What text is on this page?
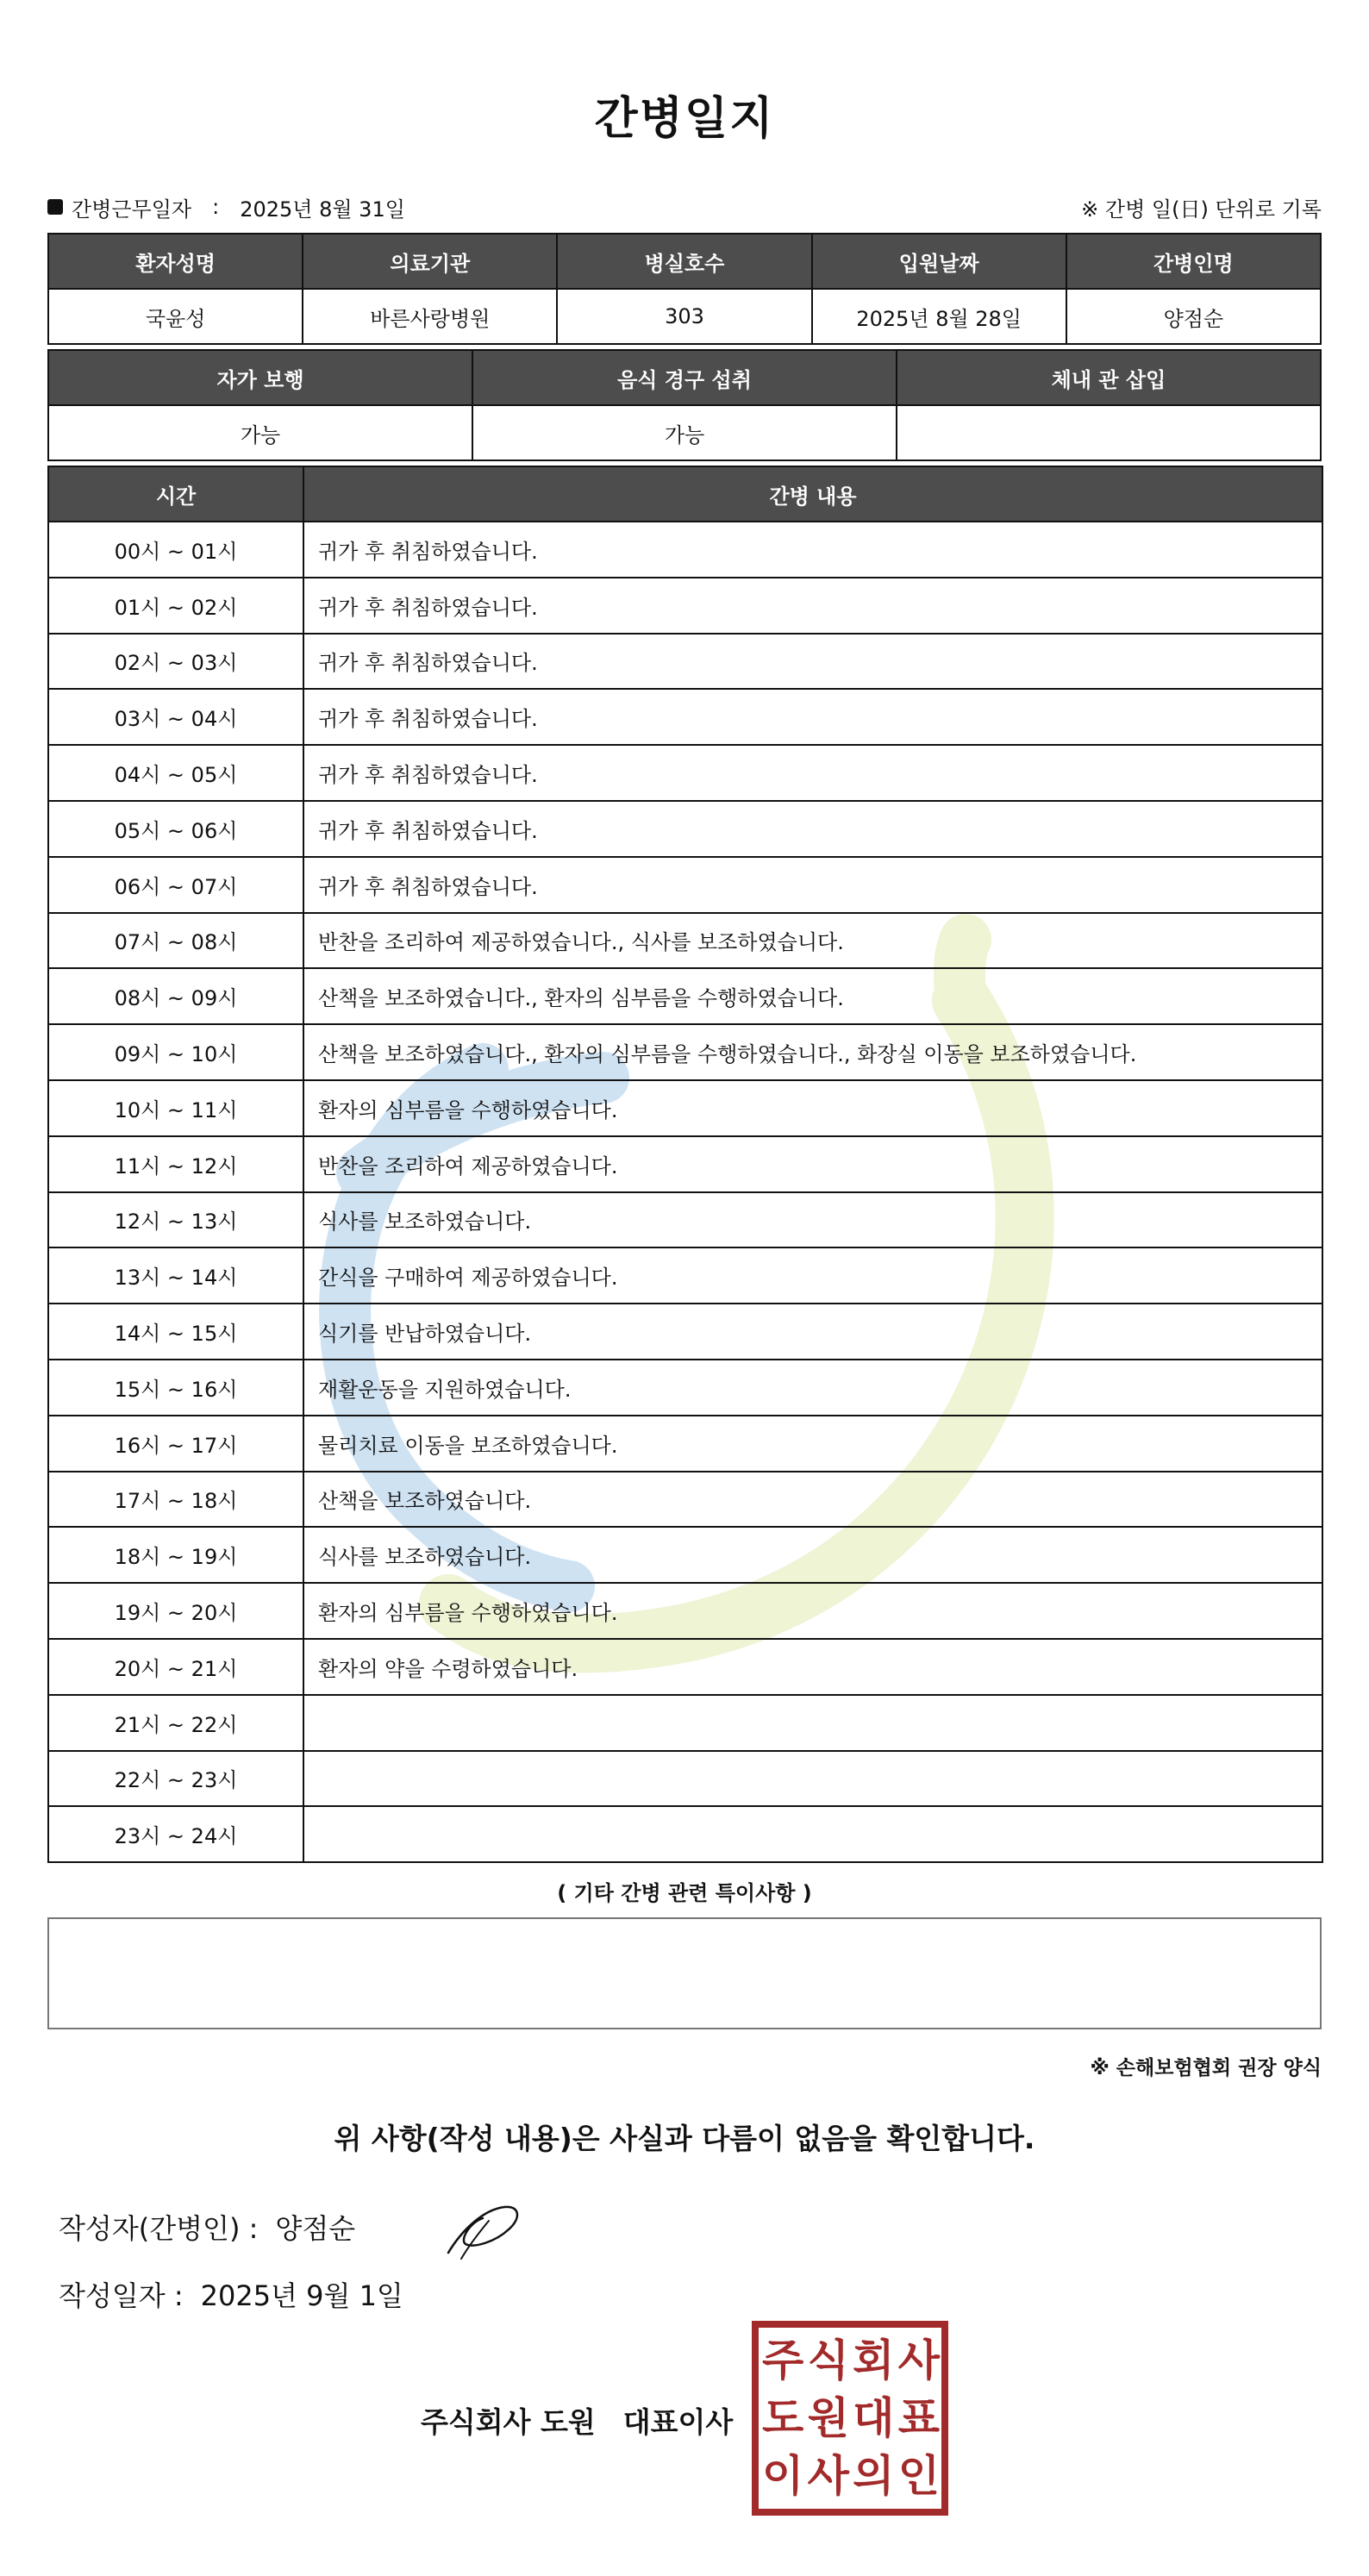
간병일지
간병근무일자 : 2025년 8월 31일	※ 간병 일(日) 단위로 기록
환자성명	의료기관	병실호수	입원날짜	간병인명
국윤성	바른사랑병원	303	2025년 8월 28일	양점순
자가 보행	음식 경구 섭취	체내 관 삽입
가능	가능	
시간	간병 내용
00시 ~ 01시	귀가 후 취침하였습니다.
01시 ~ 02시	귀가 후 취침하였습니다.
02시 ~ 03시	귀가 후 취침하였습니다.
03시 ~ 04시	귀가 후 취침하였습니다.
04시 ~ 05시	귀가 후 취침하였습니다.
05시 ~ 06시	귀가 후 취침하였습니다.
06시 ~ 07시	귀가 후 취침하였습니다.
07시 ~ 08시	반찬을 조리하여 제공하였습니다., 식사를 보조하였습니다.
08시 ~ 09시	산책을 보조하였습니다., 환자의 심부름을 수행하였습니다.
09시 ~ 10시	산책을 보조하였습니다., 환자의 심부름을 수행하였습니다., 화장실 이동을 보조하였습니다.
10시 ~ 11시	환자의 심부름을 수행하였습니다.
11시 ~ 12시	반찬을 조리하여 제공하였습니다.
12시 ~ 13시	식사를 보조하였습니다.
13시 ~ 14시	간식을 구매하여 제공하였습니다.
14시 ~ 15시	식기를 반납하였습니다.
15시 ~ 16시	재활운동을 지원하였습니다.
16시 ~ 17시	물리치료 이동을 보조하였습니다.
17시 ~ 18시	산책을 보조하였습니다.
18시 ~ 19시	식사를 보조하였습니다.
19시 ~ 20시	환자의 심부름을 수행하였습니다.
20시 ~ 21시	환자의 약을 수령하였습니다.
21시 ~ 22시	
22시 ~ 23시	
23시 ~ 24시	
( 기타 간병 관련 특이사항 )
※ 손해보험협회 권장 양식
위 사항(작성 내용)은 사실과 다름이 없음을 확인합니다.
작성자(간병인) : 양점순
작성일자 : 2025년 9월 1일
주식회사 도원 대표이사
주 식 회 사
도 원 대 표
이 사 의 인
